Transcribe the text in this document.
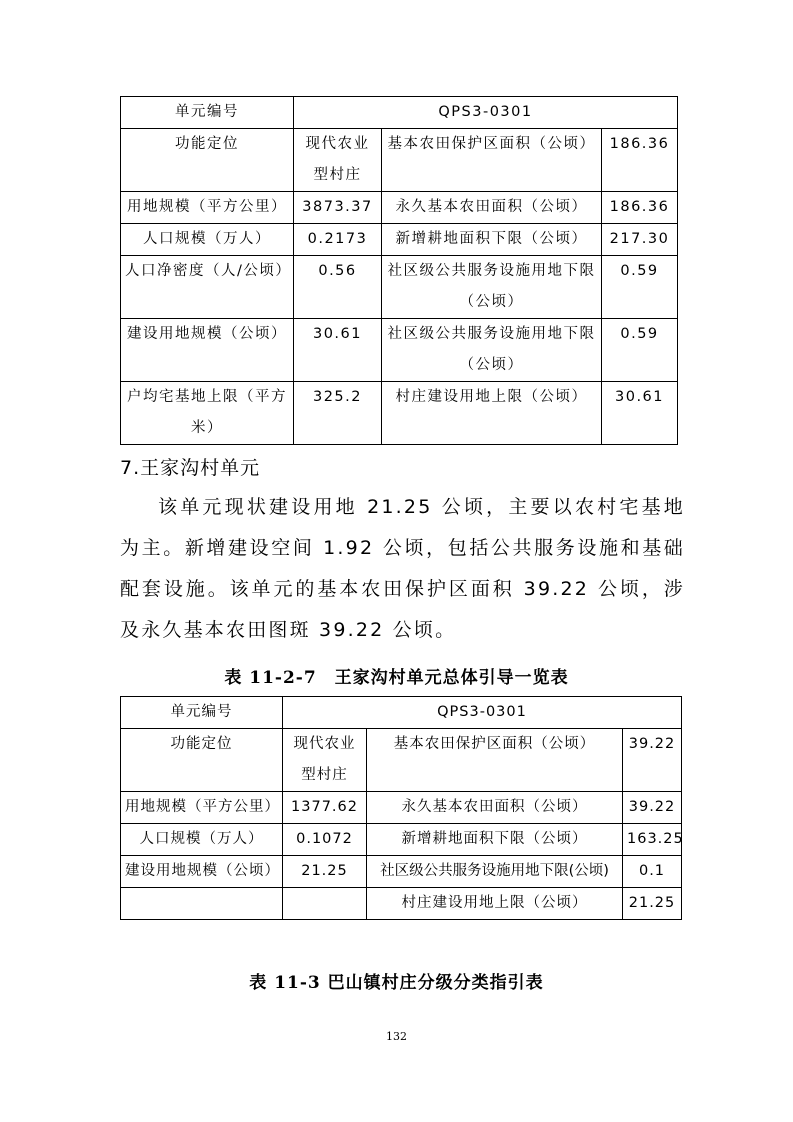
单元编号	QPS3-0301		
功能定位	现代农业型村庄	基本农田保护区面积（公顷）	186.36
用地规模（平方公里）	3873.37	永久基本农田面积（公顷）	186.36
人口规模（万人）	0.2173	新增耕地面积下限（公顷）	217.30
人口净密度（人/公顷）	0.56	社区级公共服务设施用地下限（公顷）	0.59
建设用地规模（公顷）	30.61	社区级公共服务设施用地下限（公顷）	0.59
户均宅基地上限（平方米）	325.2	村庄建设用地上限（公顷）	30.61
7.王家沟村单元

该单元现状建设用地 21.25 公顷，主要以农村宅基地为主。新增建设空间 1.92 公顷，包括公共服务设施和基础配套设施。该单元的基本农田保护区面积 39.22 公顷，涉及永久基本农田图斑 39.22 公顷。

表 11-2-7　王家沟村单元总体引导一览表
单元编号	QPS3-0301		
功能定位	现代农业型村庄	基本农田保护区面积（公顷）	39.22
用地规模（平方公里）	1377.62	永久基本农田面积（公顷）	39.22
人口规模（万人）	0.1072	新增耕地面积下限（公顷）	163.25
建设用地规模（公顷）	21.25	社区级公共服务设施用地下限(公顷)	0.1
		村庄建设用地上限（公顷）	21.25
表 11-3 巴山镇村庄分级分类指引表
132
